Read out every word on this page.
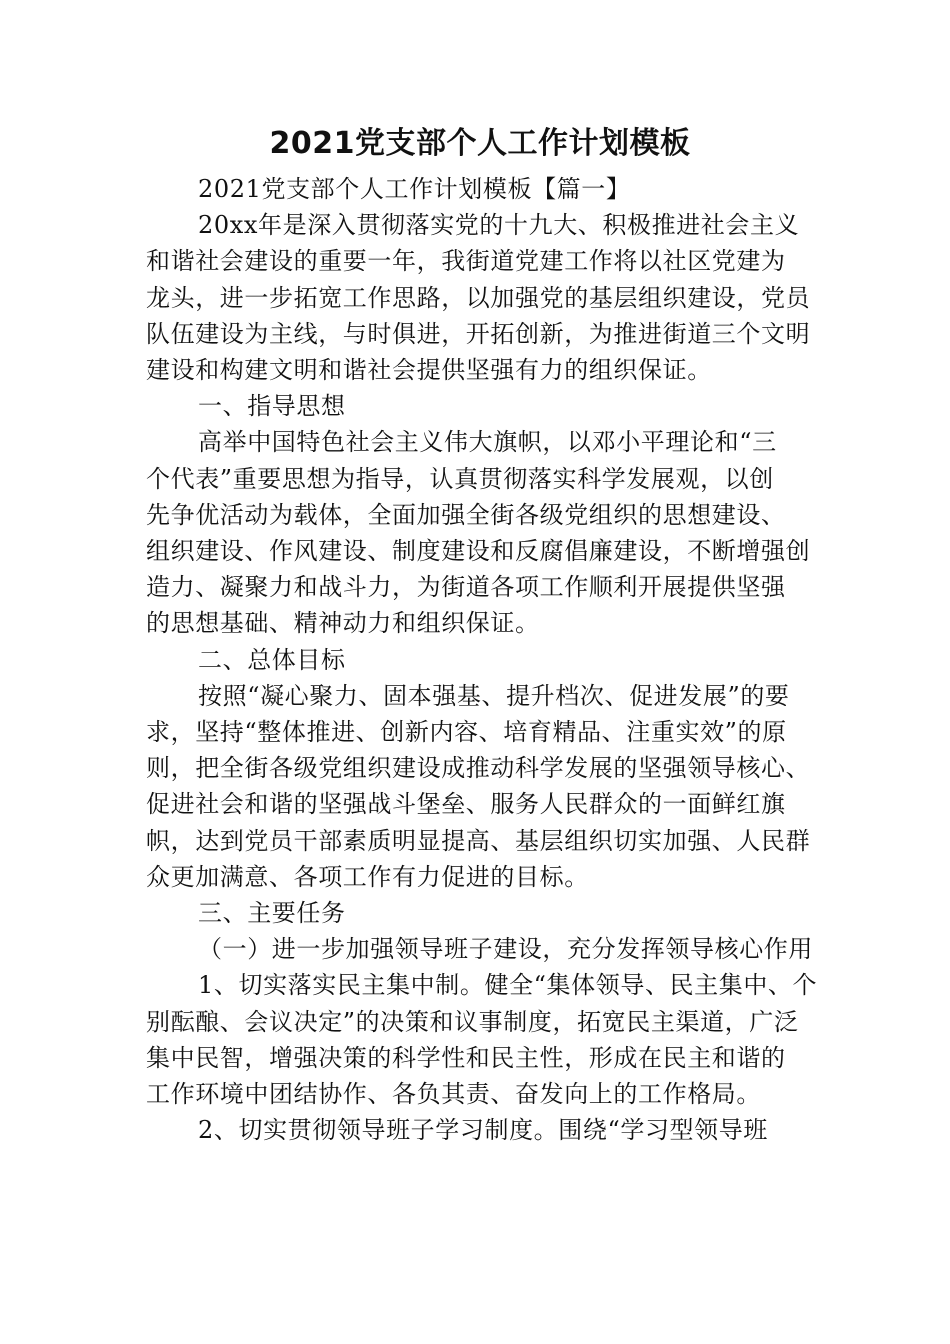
2021党支部个人工作计划模板
2021党支部个人工作计划模板【篇一】
20xx年是深入贯彻落实党的十九大、积极推进社会主义
和谐社会建设的重要一年，我街道党建工作将以社区党建为
龙头，进一步拓宽工作思路，以加强党的基层组织建设，党员
队伍建设为主线，与时俱进，开拓创新，为推进街道三个文明
建设和构建文明和谐社会提供坚强有力的组织保证。
一、指导思想
高举中国特色社会主义伟大旗帜，以邓小平理论和“三
个代表”重要思想为指导，认真贯彻落实科学发展观，以创
先争优活动为载体，全面加强全街各级党组织的思想建设、
组织建设、作风建设、制度建设和反腐倡廉建设，不断增强创
造力、凝聚力和战斗力，为街道各项工作顺利开展提供坚强
的思想基础、精神动力和组织保证。
二、总体目标
按照“凝心聚力、固本强基、提升档次、促进发展”的要
求，坚持“整体推进、创新内容、培育精品、注重实效”的原
则，把全街各级党组织建设成推动科学发展的坚强领导核心、
促进社会和谐的坚强战斗堡垒、服务人民群众的一面鲜红旗
帜，达到党员干部素质明显提高、基层组织切实加强、人民群
众更加满意、各项工作有力促进的目标。
三、主要任务
（一）进一步加强领导班子建设，充分发挥领导核心作用
1、切实落实民主集中制。健全“集体领导、民主集中、个
别酝酿、会议决定”的决策和议事制度，拓宽民主渠道，广泛
集中民智，增强决策的科学性和民主性，形成在民主和谐的
工作环境中团结协作、各负其责、奋发向上的工作格局。
2、切实贯彻领导班子学习制度。围绕“学习型领导班
